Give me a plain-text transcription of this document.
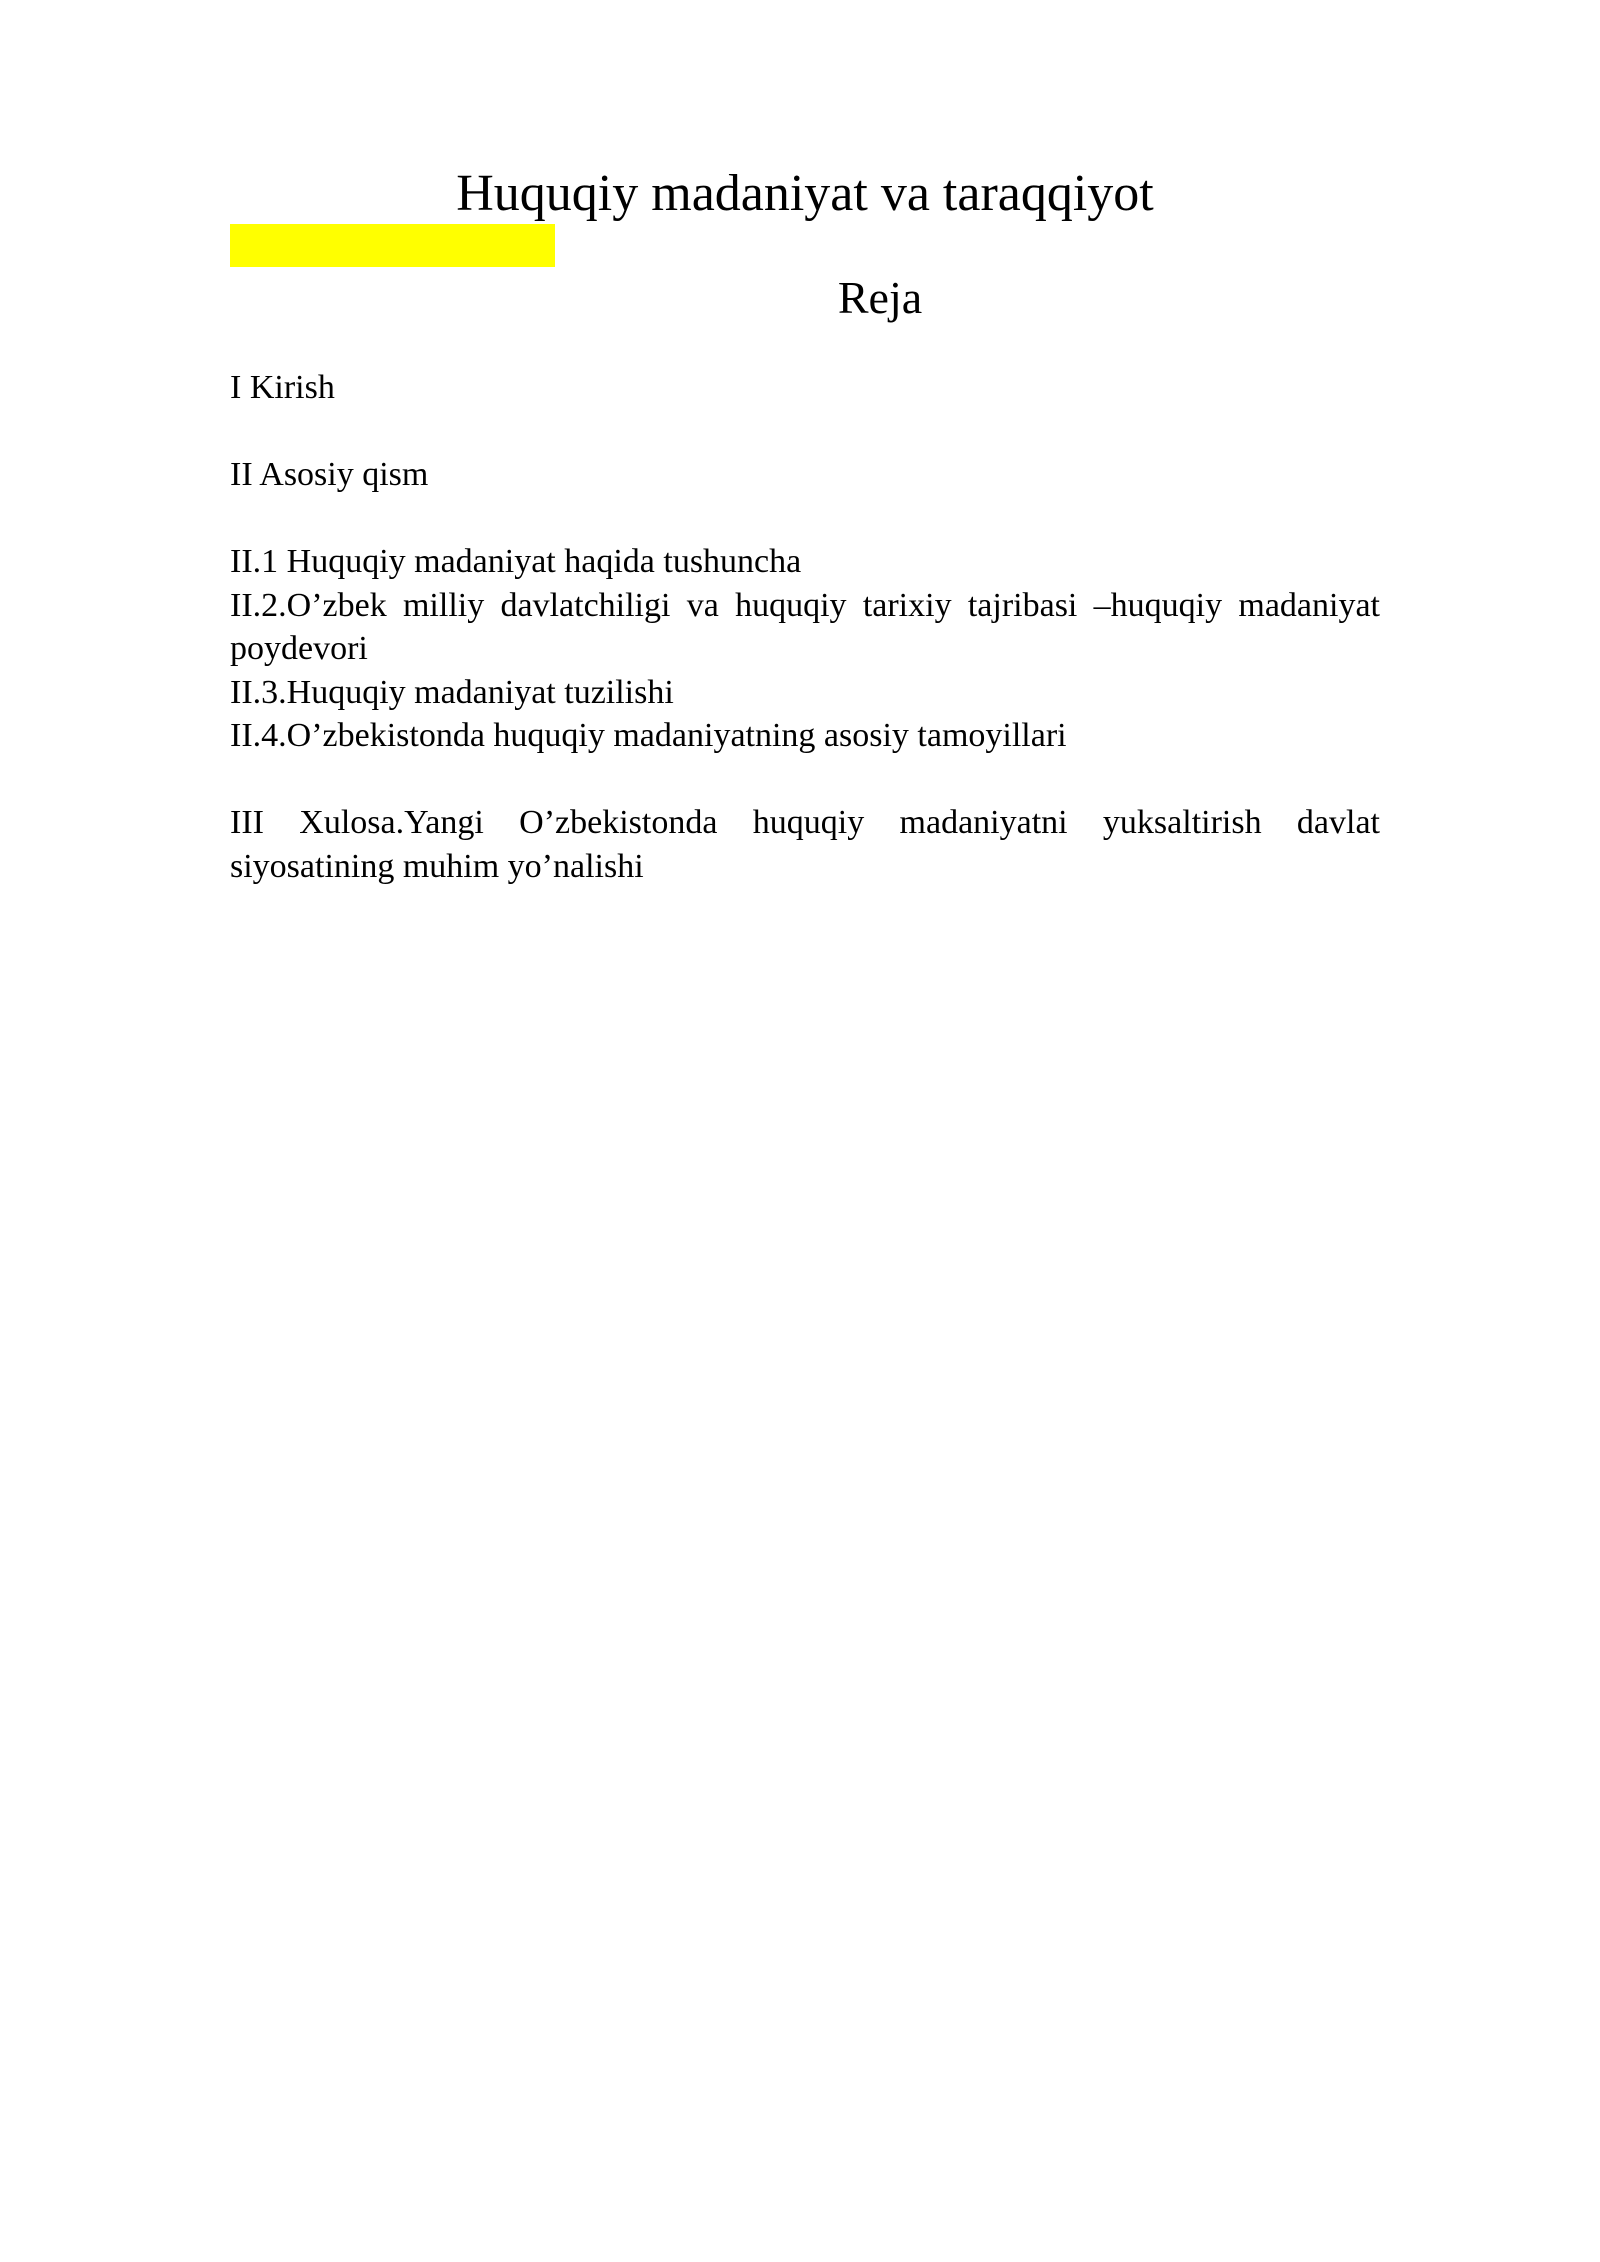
Huquqiy madaniyat va taraqqiyot
Reja

I Kirish

II Asosiy qism

II.1 Huquqiy madaniyat haqida tushuncha

II.2.O’zbek milliy davlatchiligi va huquqiy tarixiy tajribasi –huquqiy madaniyat poydevori

II.3.Huquqiy madaniyat tuzilishi

II.4.O’zbekistonda huquqiy madaniyatning asosiy tamoyillari

III Xulosa.Yangi O’zbekistonda huquqiy madaniyatni yuksaltirish davlat siyosatining muhim yo’nalishi
